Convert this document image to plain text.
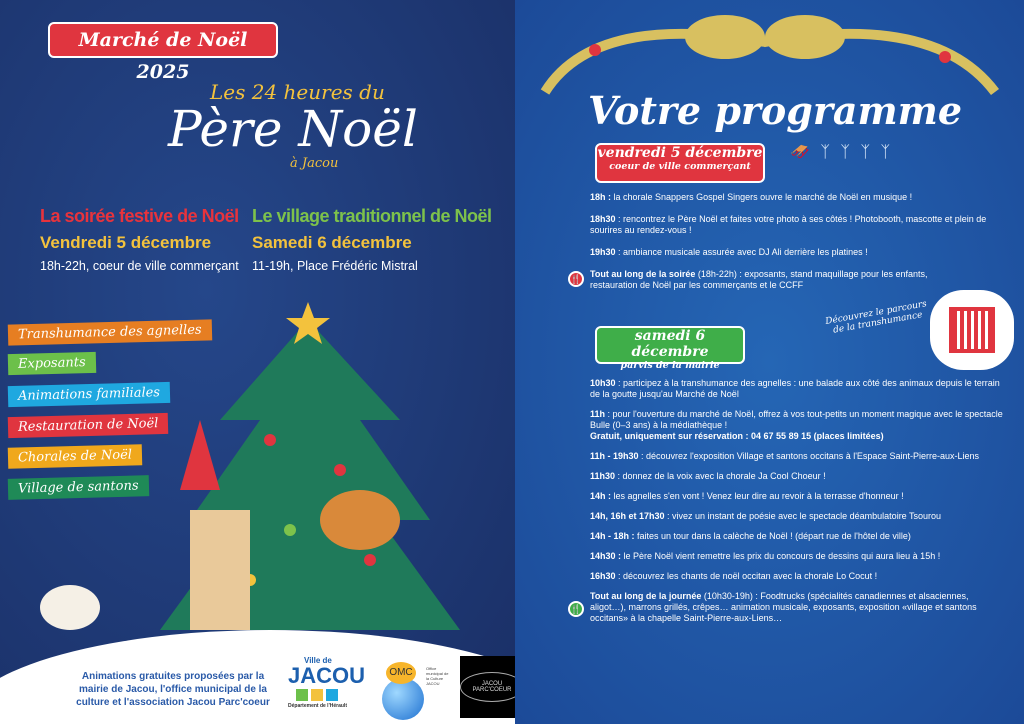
Marché de Noël 2025
Les 24 heures du
Père Noël
à Jacou
La soirée festive de Noël
Vendredi 5 décembre

18h-22h, coeur de ville commerçant

Le village traditionnel de Noël
Samedi 6 décembre

11-19h, Place Frédéric Mistral

Transhumance des agnelles
Exposants
Animations familiales
Restauration de Noël
Chorales de Noël
Village de santons
Animations gratuites proposées par la mairie de Jacou, l'office municipal de la culture et l'association Jacou Parc'coeur
Ville de
JACOU
Département de l'Hérault
OMC	Office municipal de la Culture JACOU	JACOU PARC'COEUR
Votre programme
🛷 ᛉ ᛉ ᛉ ᛉ
vendredi 5 décembre
coeur de ville commerçant
18h : la chorale Snappers Gospel Singers ouvre le marché de Noël en musique !
18h30 : rencontrez le Père Noël et faites votre photo à ses côtés ! Photobooth, mascotte et plein de sourires au rendez-vous !
19h30 : ambiance musicale assurée avec DJ Ali derrière les platines !
🍴 Tout au long de la soirée (18h-22h) : exposants, stand maquillage pour les enfants, restauration de Noël par les commerçants et le CCFF
Découvrez le parcours de la transhumance
samedi 6 décembre
parvis de la mairie
10h30 : participez à la transhumance des agnelles : une balade aux côté des animaux depuis le terrain de la goutte jusqu'au Marché de Noël
11h : pour l'ouverture du marché de Noël, offrez à vos tout-petits un moment magique avec le spectacle Bulle (0–3 ans) à la médiathèque !
Gratuit, uniquement sur réservation : 04 67 55 89 15 (places limitées)
11h - 19h30 : découvrez l'exposition Village et santons occitans à l'Espace Saint-Pierre-aux-Liens
11h30 : donnez de la voix avec la chorale Ja Cool Choeur !
14h : les agnelles s'en vont ! Venez leur dire au revoir à la terrasse d'honneur !
14h, 16h et 17h30 : vivez un instant de poésie avec le spectacle déambulatoire Tsourou
14h - 18h : faites un tour dans la calèche de Noël ! (départ rue de l'hôtel de ville)
14h30 : le Père Noël vient remettre les prix du concours de dessins qui aura lieu à 15h !
16h30 : découvrez les chants de noël occitan avec la chorale Lo Cocut !
🍴
Tout au long de la journée (10h30-19h) : Foodtrucks (spécialités canadiennes et alsaciennes, aligot…), marrons grillés, crêpes… animation musicale, exposants, exposition «village et santons occitans» à la chapelle Saint-Pierre-aux-Liens…
